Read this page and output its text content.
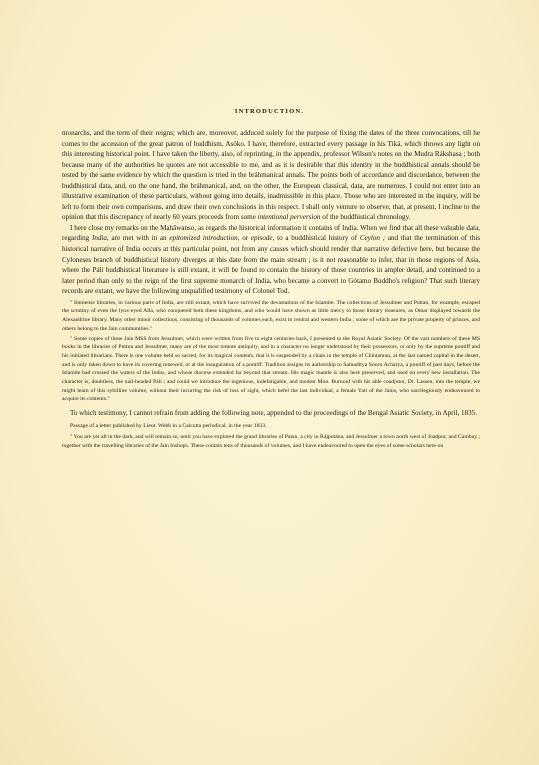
INTRODUCTION.

monarchs, and the term of their reigns; which are, moreover, adduced solely for the purpose of fixing the dates of the three convocations, till he comes to the accession of the great patron of buddhism, Asóko. I have, therefore, extracted every passage in his Tiká, which throws any light on this interesting historical point. I have taken the liberty, also, of reprinting, in the appendix, professor Wilson's notes on the Mudra Rákshasa ; both because many of the authorities he quotes are not accessible to me, and as it is desirable that this identity in the buddhistical annals should be tested by the same evidence by which the question is tried in the bráhmanical annals. The points both of accordance and discordance, between the buddhistical data, and, on the one hand, the bráhmanical, and, on the other, the European classical, data, are numerous. I could not enter into an illustrative examination of these particulars, without going into details, inadmissible in this place. Those who are interested in the inquiry, will be left to form their own comparisons, and draw their own conclusions in this respect. I shall only venture to observe, that, at present, I incline to the opinion that this discrepancy of nearly 60 years proceeds from some intentional perversion of the buddhistical chronology.

I here close my remarks on the Mahāwanso, as regards the historical information it contains of India. When we find that all these valuable data, regarding India, are met with in an epitomized introduction, or episode, to a buddhistical history of Ceylon ; and that the termination of this historical narrative of India occurs at this particular point, not from any causes which should render that narrative defective here, but because the Cyloneses branch of buddhistical history diverges at this date from the main stream ; is it not reasonable to infer, that in those regions of Asia, where the Páli buddhistical literature is still extant, it will be found to contain the history of those countries in ampler detail, and continued to a later period than only to the reign of the first supreme monarch of India, who became a convert to Gótamo Buddho's religion? That such literary records are extant, we have the following unqualified testimony of Colonel Tod.

" Immense libraries, in various parts of India, are still extant, which have survived the devastations of the Islamite. The collections of Jessulmer and Puttan, for example, escaped the scrutiny of even the lynx-eyed Alla, who conquered both these kingdoms, and who would have shown as little mercy to those literary treasures, as Omar displayed towards the Alexandrine library. Many other minor collections, consisting of thousands of volumes each, exist in central and western India ; some of which are the private property of princes, and others belong to the Jain communities."

" Some copies of these Jain MSS from Jessulmer, which were written from five to eight centuries back, I presented to the Royal Asiatic Society. Of the vast numbers of these MS books in the libraries of Puttun and Jessulmer, many are of the most remote antiquity, and in a character no longer understood by their possessors, or only by the supreme pontiff and his initiated librarians. There is one volume held so sacred, for its magical contents, that it is suspended by a chain in the temple of Chintamun, at the last named capital in the desert, and is only taken down to have its covering renewed, or at the inauguration of a pontiff. Tradition assigns its authorship to Samaditya Sooru Acharya, a pontiff of past days, before the Islamite had crossed the waters of the Indus, and whose diocese extended far beyond that stream. His magic mantle is also here preserved, and used on every new installation. The character is, doubtless, the nail-headed Páli ; and could we introduce the ingenious, indefatigable, and modest Mon. Burnouf with his able coadjutor, Dr. Lassen, into the temple, we might learn of this sybilline volume, without their incurring the risk of loss of sight, which befel the last individual, a female Yati of the Jains, who sacrilegiously endeavoured to acquire its contents."

To which testimony, I cannot refrain from adding the following note, appended to the proceedings of the Bengal Asiatic Society, in April, 1835.

Passage of a letter published by Lieut. Webb in a Calcutta periodical, in the year 1833.

" You are yet all in the dark, and will remain so, until you have explored the grand libraries of Patan, a city in Rájputána, and Jessulmer a town north west of Joadpur, and Cambay ; together with the travelling libraries of the Jain bishops. These contain tens of thousands of volumes, and I have endeavoured to open the eyes of some scholars here on
